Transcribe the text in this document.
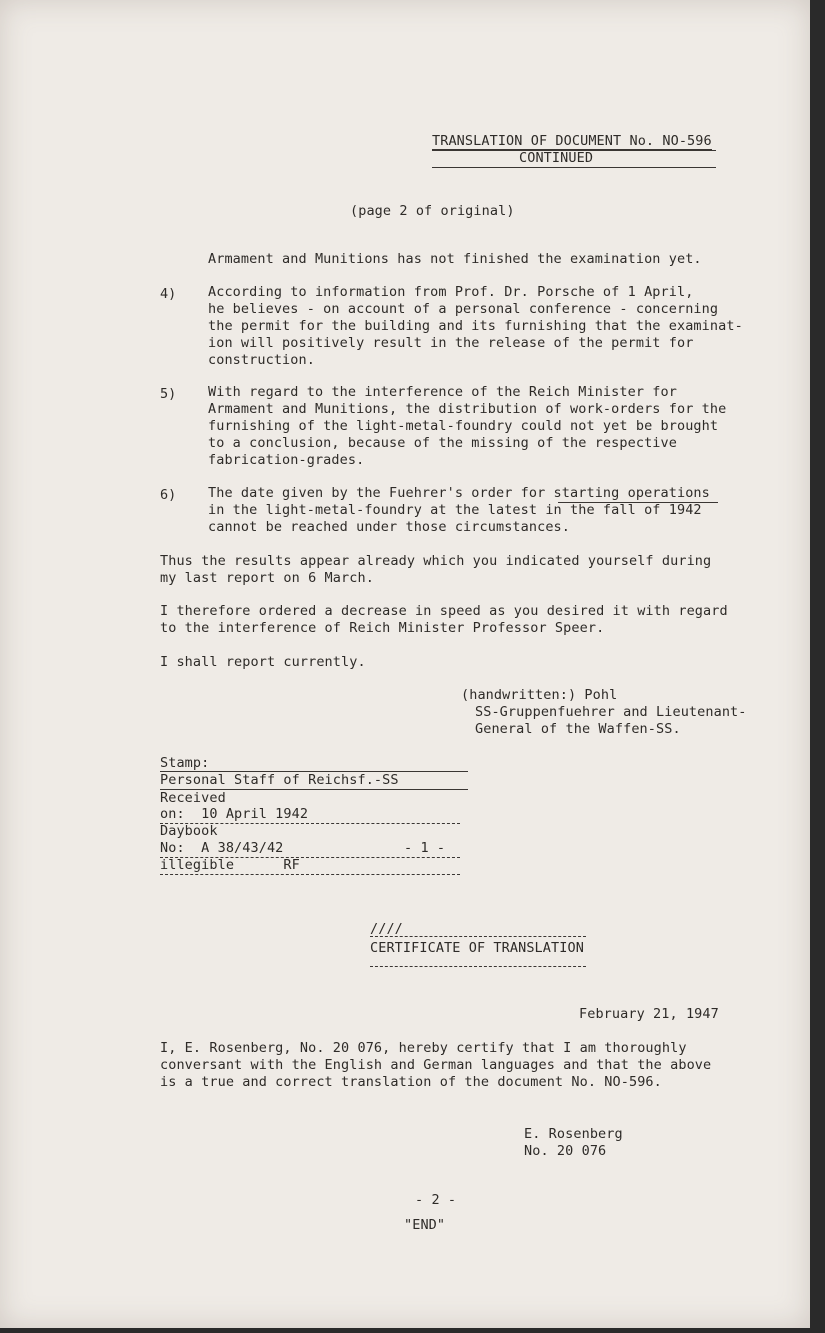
TRANSLATION OF DOCUMENT No. NO-596
CONTINUED
(page 2 of original)
Armament and Munitions has not finished the examination yet.
4) According to information from Prof. Dr. Porsche of 1 April,
he believes - on account of a personal conference - concerning
the permit for the building and its furnishing that the examinat-
ion will positively result in the release of the permit for
construction.
5) With regard to the interference of the Reich Minister for
Armament and Munitions, the distribution of work-orders for the
furnishing of the light-metal-foundry could not yet be brought
to a conclusion, because of the missing of the respective
fabrication-grades.
6) The date given by the Fuehrer's order for starting operations
in the light-metal-foundry at the latest in the fall of 1942
cannot be reached under those circumstances.
Thus the results appear already which you indicated yourself during
my last report on 6 March.
I therefore ordered a decrease in speed as you desired it with regard
to the interference of Reich Minister Professor Speer.
I shall report currently.
(handwritten:) Pohl
SS-Gruppenfuehrer and Lieutenant-
General of the Waffen-SS.
Stamp:
Personal Staff of Reichsf.-SS
Received
on:  10 April 1942
Daybook
No:  A 38/43/42	- 1 -
illegible      RF
////
CERTIFICATE OF TRANSLATION
February 21, 1947
I, E. Rosenberg, No. 20 076, hereby certify that I am thoroughly
conversant with the English and German languages and that the above
is a true and correct translation of the document No. NO-596.
E. Rosenberg
No. 20 076
- 2 -
"END"
